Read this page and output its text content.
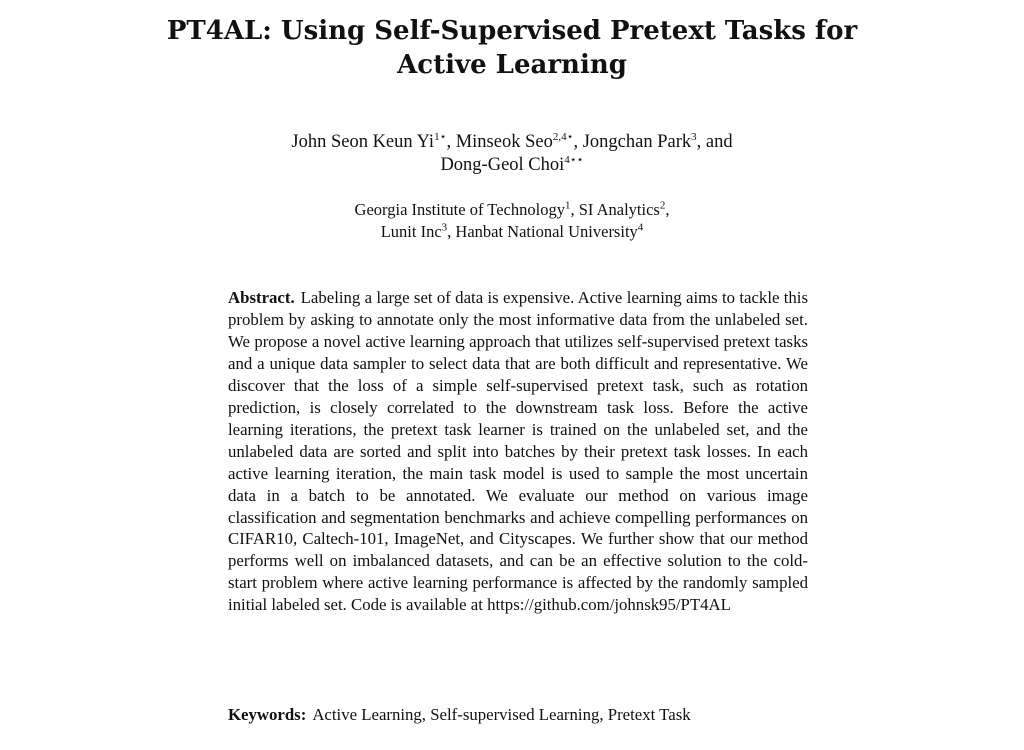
PT4AL: Using Self-Supervised Pretext Tasks for
Active Learning
John Seon Keun $Yi^{1⋆}$, Minseok Seo$^{2,4⋆}$, Jongchan Park$^3$, and
Dong-Geol Choi$^{4⋆⋆}$
Georgia Institute of Technology$^1$, SI Analytics$^2$,
Lunit Inc$^3$, Hanbat National University$^4$
Abstract. Labeling a large set of data is expensive. Active learning aims to tackle this problem by asking to annotate only the most informative data from the unlabeled set. We propose a novel active learning approach that utilizes self-supervised pretext tasks and a unique data sampler to select data that are both difficult and representative. We discover that the loss of a simple self-supervised pretext task, such as rotation prediction, is closely correlated to the downstream task loss. Before the active learning iterations, the pretext task learner is trained on the unlabeled set, and the unlabeled data are sorted and split into batches by their pretext task losses. In each active learning iteration, the main task model is used to sample the most uncertain data in a batch to be annotated. We evaluate our method on various image classification and segmentation benchmarks and achieve compelling performances on CIFAR10, Caltech-101, ImageNet, and Cityscapes. We further show that our method performs well on imbalanced datasets, and can be an effective solution to the cold-start problem where active learning performance is affected by the randomly sampled initial labeled set. Code is available at https://github.com/johnsk95/PT4AL
Keywords: Active Learning, Self-supervised Learning, Pretext Task
